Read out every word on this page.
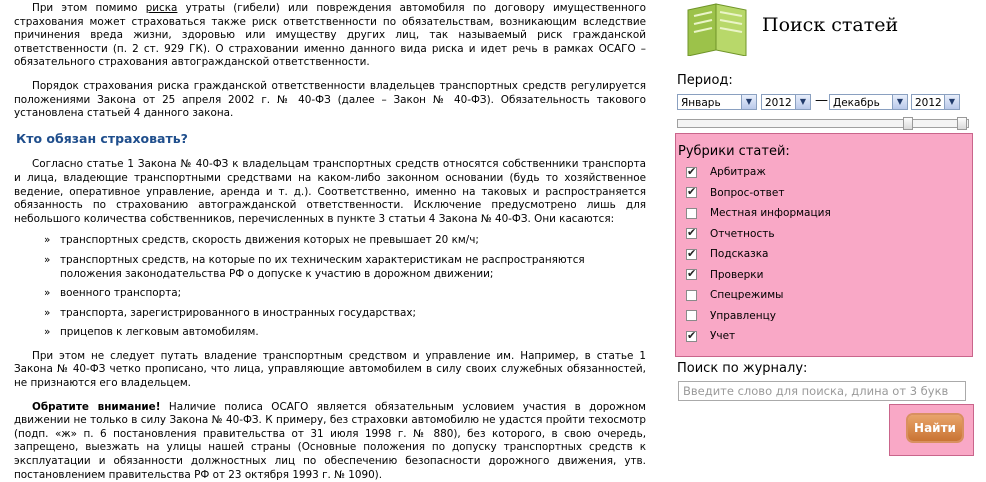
При этом помимо риска утраты (гибели) или повреждения автомобиля по договору имущественного страхования может страховаться также риск ответственности по обязательствам, возникающим вследствие причинения вреда жизни, здоровью или имуществу других лиц, так называемый риск гражданской ответственности (п. 2 ст. 929 ГК). О страховании именно данного вида риска и идет речь в рамках ОСАГО – обязательного страхования автогражданской ответственности.

Порядок страхования риска гражданской ответственности владельцев транспортных средств регулируется положениями Закона от 25 апреля 2002 г. № 40-ФЗ (далее – Закон № 40-ФЗ). Обязательность такового установлена статьей 4 данного закона.

Кто обязан страховать?

Согласно статье 1 Закона № 40-ФЗ к владельцам транспортных средств относятся собственники транспорта и лица, владеющие транспортными средствами на каком-либо законном основании (будь то хозяйственное ведение, оперативное управление, аренда и т. д.). Соответственно, именно на таковых и распространяется обязанность по страхованию автогражданской ответственности. Исключение предусмотрено лишь для небольшого количества собственников, перечисленных в пункте 3 статьи 4 Закона № 40-ФЗ. Они касаются:

» транспортных средств, скорость движения которых не превышает 20 км/ч;
» транспортных средств, на которые по их техническим характеристикам не распространяются положения законодательства РФ о допуске к участию в дорожном движении;
» военного транспорта;
» транспорта, зарегистрированного в иностранных государствах;
» прицепов к легковым автомобилям.

При этом не следует путать владение транспортным средством и управление им. Например, в статье 1 Закона № 40-ФЗ четко прописано, что лица, управляющие автомобилем в силу своих служебных обязанностей, не признаются его владельцем.

Обратите внимание! Наличие полиса ОСАГО является обязательным условием участия в дорожном движении не только в силу Закона № 40-ФЗ. К примеру, без страховки автомобилю не удастся пройти техосмотр (подп. «ж» п. 6 постановления правительства от 31 июля 1998 г. № 880), без которого, в свою очередь, запрещено, выезжать на улицы нашей страны (Основные положения по допуску транспортных средств к эксплуатации и обязанности должностных лиц по обеспечению безопасности дорожного движения, утв. постановлением правительства РФ от 23 октября 1993 г. № 1090).

Поиск статей
Период:
Январь	▼	2012	▼ — Декабрь	▼	2012 ▼
Рубрики статей:
✔ Арбитраж
✔ Вопрос-ответ
Местная информация
✔ Отчетность
✔ Подсказка
✔ Проверки
Спецрежимы
Управленцу
✔ Учет
Поиск по журналу:
Введите слово для поиска, длина от 3 букв
Найти
